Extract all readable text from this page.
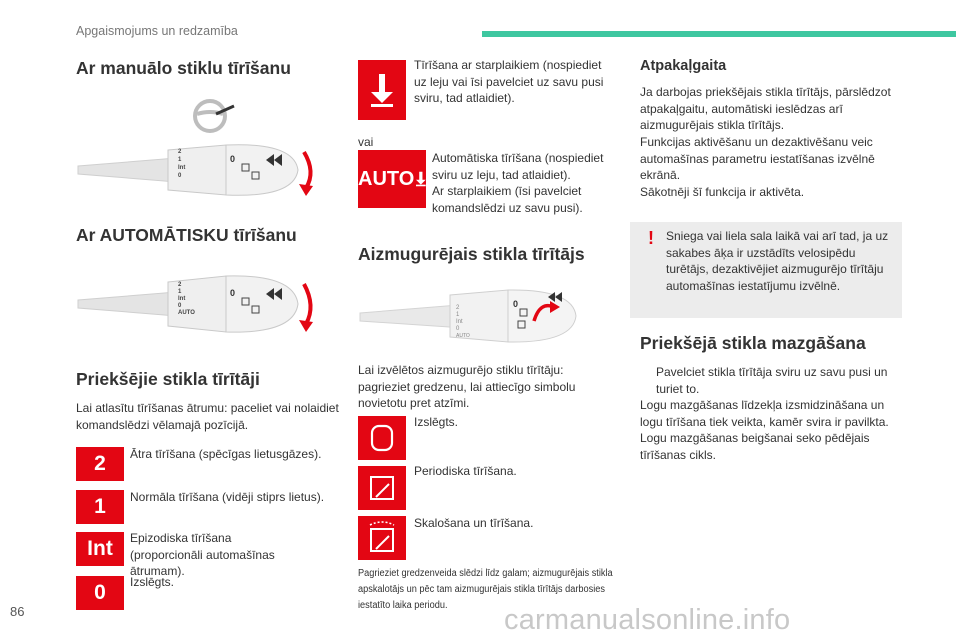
Apgaismojums un redzamība
Ar manuālo stiklu tīrīšanu
2
1
Int
0
0
Ar AUTOMĀTISKU tīrīšanu
2
1
Int
0
AUTO
0
Priekšējie stikla tīrītāji
Lai atlasītu tīrīšanas ātrumu: paceliet vai nolaidiet komandslēdzi vēlamajā pozīcijā.
2	Ātra tīrīšana (spēcīgas lietusgāzes).
1	Normāla tīrīšana (vidēji stiprs lietus).
Int	Epizodiska tīrīšana (proporcionāli automašīnas ātrumam).
0	Izslēgts.
Tīrīšana ar starplaikiem (nospiediet uz leju vai īsi pavelciet uz savu pusi sviru, tad atlaidiet).
vai
AUTO
Automātiska tīrīšana (nospiediet sviru uz leju, tad atlaidiet).
Ar starplaikiem (īsi pavelciet komandslēdzi uz savu pusi).
Aizmugurējais stikla tīrītājs
2
1
Int
0
AUTO
0
Lai izvēlētos aizmugurējo stiklu tīrītāju: pagrieziet gredzenu, lai attiecīgo simbolu novietotu pret atzīmi.
Izslēgts.
Periodiska tīrīšana.
Skalošana un tīrīšana.
Pagrieziet gredzenveida slēdzi līdz galam; aizmugurējais stikla apskalotājs un pēc tam aizmugurējais stikla tīrītājs darbosies iestatīto laika periodu.
Atpakaļgaita
Ja darbojas priekšējais stikla tīrītājs, pārslēdzot atpakaļgaitu, automātiski ieslēdzas arī aizmugurējais stikla tīrītājs.
Funkcijas aktivēšanu un dezaktivēšanu veic automašīnas parametru iestatīšanas izvēlnē ekrānā.
Sākotnēji šī funkcija ir aktivēta.
! Sniega vai liela sala laikā vai arī tad, ja uz sakabes āķa ir uzstādīts velosipēdu turētājs, dezaktivējiet aizmugurējo tīrītāju automašīnas iestatījumu izvēlnē.
Priekšējā stikla mazgāšana
Pavelciet stikla tīrītāja sviru uz savu pusi un turiet to.
Logu mazgāšanas līdzekļa izsmidzināšana un logu tīrīšana tiek veikta, kamēr svira ir pavilkta.
Logu mazgāšanas beigšanai seko pēdējais tīrīšanas cikls.
86	carmanualsonline.info
